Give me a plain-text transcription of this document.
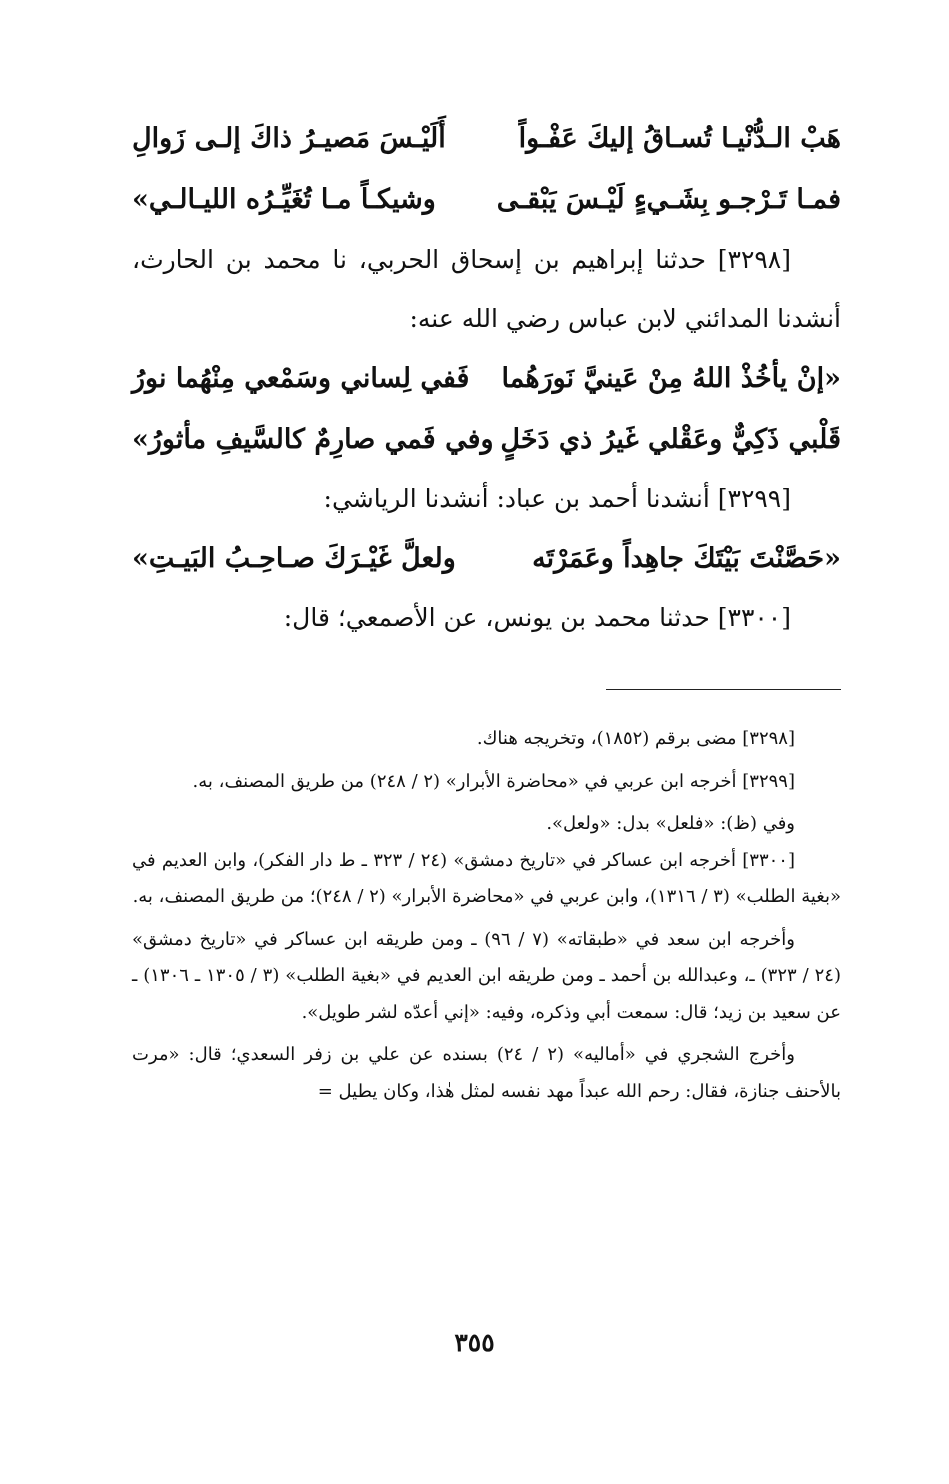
هَبْ الـدُّنْيـا تُسـاقُ إليكَ عَفْـواً
أَلَيْـسَ مَصيـرُ ذاكَ إلـى زَوالِ
فمـا تَـرْجـو بِشَـيءٍ لَيْـسَ يَبْقـى
وشيكـاً مـا تُغَيِّـرُه الليـالـي»

[٣٢٩٨] حدثنا إبراهيم بن إسحاق الحربي، نا محمد بن الحارث، أنشدنا المدائني لابن عباس رضي الله عنه:

«إنْ يأخُذْ اللهُ مِنْ عَينيَّ نَورَهُما
فَفي لِساني وسَمْعي مِنْهُما نورُ
قَلْبي ذَكِيٌّ وعَقْلي غَيرُ ذي دَخَلٍ
وفي فَمي صارِمٌ كالسَّيفِ مأثورُ»

[٣٢٩٩] أنشدنا أحمد بن عباد: أنشدنا الرياشي:

«حَصَّنْتَ بَيْتَكَ جاهِداً وعَمَرْتَه
ولعلَّ غَيْـرَكَ صـاحِـبُ البَيـتِ»

[٣٣٠٠] حدثنا محمد بن يونس، عن الأصمعي؛ قال:

[٣٢٩٨] مضى برقم (١٨٥٢)، وتخريجه هناك.

[٣٢٩٩] أخرجه ابن عربي في «محاضرة الأبرار» (٢ / ٢٤٨) من طريق المصنف، به.

وفي (ظ): «فلعل» بدل: «ولعل».

[٣٣٠٠] أخرجه ابن عساكر في «تاريخ دمشق» (٢٤ / ٣٢٣ ـ ط دار الفكر)، وابن العديم في «بغية الطلب» (٣ / ١٣١٦)، وابن عربي في «محاضرة الأبرار» (٢ / ٢٤٨)؛ من طريق المصنف، به.

وأخرجه ابن سعد في «طبقاته» (٧ / ٩٦) ـ ومن طريقه ابن عساكر في «تاريخ دمشق» (٢٤ / ٣٢٣) ـ، وعبدالله بن أحمد ـ ومن طريقه ابن العديم في «بغية الطلب» (٣ / ١٣٠٥ ـ ١٣٠٦) ـ عن سعيد بن زيد؛ قال: سمعت أبي وذكره، وفيه: «إني أعدّه لشر طويل».

وأخرج الشجري في «أماليه» (٢ / ٢٤) بسنده عن علي بن زفر السعدي؛ قال: «مرت بالأحنف جنازة، فقال: رحم الله عبداً مهد نفسه لمثل هٰذا، وكان يطيل =

٣٥٥
